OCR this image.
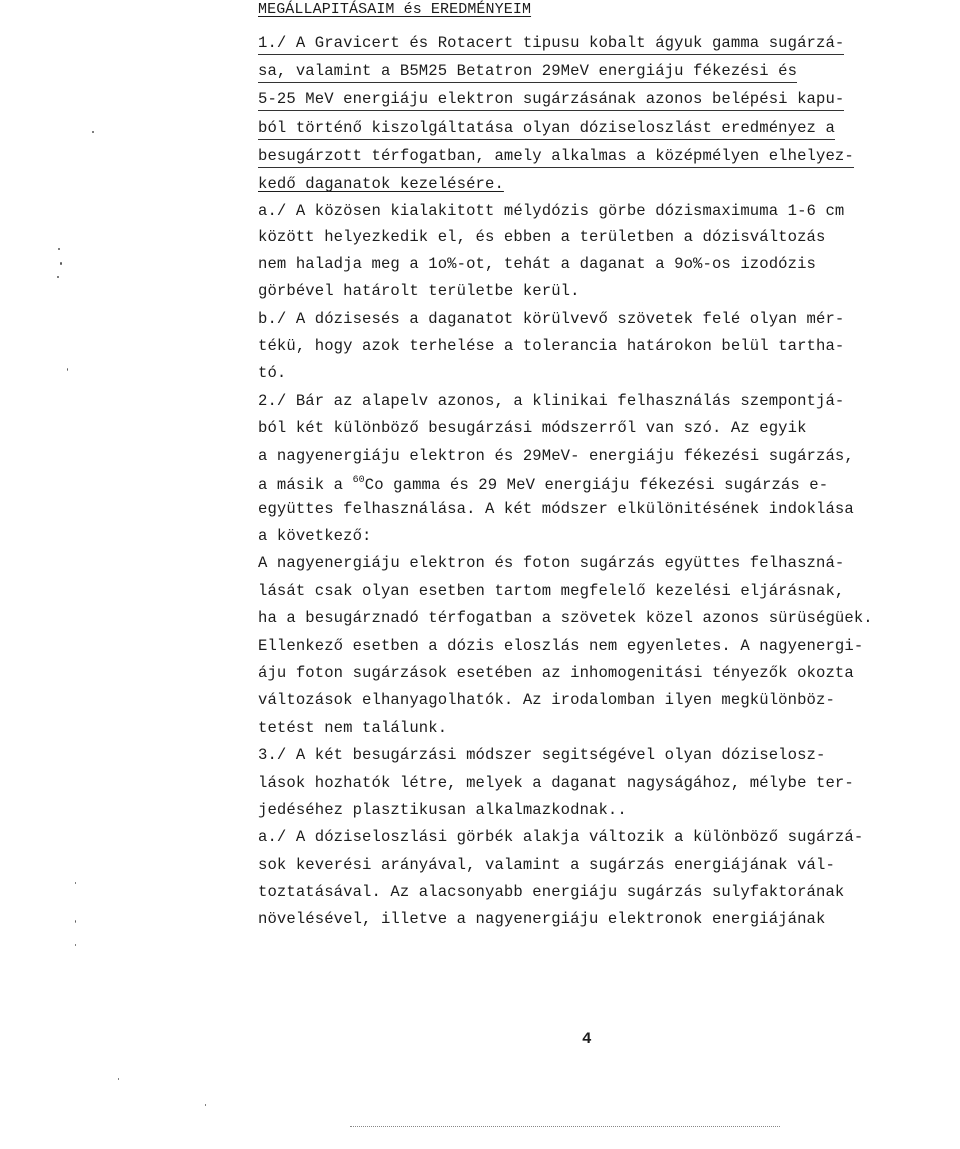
MEGÁLLAPITÁSAIM és EREDMÉNYEIM
1./ A Gravicert és Rotacert tipusu kobalt ágyuk gamma sugárzá-
sa, valamint a B5M25 Betatron 29MeV energiáju fékezési és
5-25 MeV energiáju elektron sugárzásának azonos belépési kapu-
ból történő kiszolgáltatása olyan dóziseloszlást eredményez a
besugárzott térfogatban, amely alkalmas a középmélyen elhelyez-
kedő daganatok kezelésére.
a./ A közösen kialakitott mélydózis görbe dózismaximuma 1-6 cm
között helyezkedik el, és ebben a területben a dózisváltozás
nem haladja meg a 1o%-ot, tehát a daganat a 9o%-os izodózis
görbével határolt területbe kerül.
b./ A dózisesés a daganatot körülvevő szövetek felé olyan mér-
tékü, hogy azok terhelése a tolerancia határokon belül tartha-
tó.
2./ Bár az alapelv azonos, a klinikai felhasználás szempontjá-
ból két különböző besugárzási módszerről van szó. Az egyik
a nagyenergiáju elektron és 29MeV- energiáju fékezési sugárzás,
a másik a $^{60}$Co gamma és 29 MeV energiáju fékezési sugárzás e-
együttes felhasználása. A két módszer elkülönitésének indoklása
a következő:
A nagyenergiáju elektron és foton sugárzás együttes felhaszná-
lását csak olyan esetben tartom megfelelő kezelési eljárásnak,
ha a besugárznadó térfogatban a szövetek közel azonos sürüségüek.
Ellenkező esetben a dózis eloszlás nem egyenletes. A nagyenergi-
áju foton sugárzások esetében az inhomogenitási tényezők okozta
változások elhanyagolhatók. Az irodalomban ilyen megkülönböz-
tetést nem találunk.
3./ A két besugárzási módszer segitségével olyan dóziselosz-
lások hozhatók létre, melyek a daganat nagyságához, mélybe ter-
jedéséhez plasztikusan alkalmazkodnak..
a./ A dóziseloszlási görbék alakja változik a különböző sugárzá-
sok keverési arányával, valamint a sugárzás energiájának vál-
toztatásával. Az alacsonyabb energiáju sugárzás sulyfaktorának
növelésével, illetve a nagyenergiáju elektronok energiájának
4
